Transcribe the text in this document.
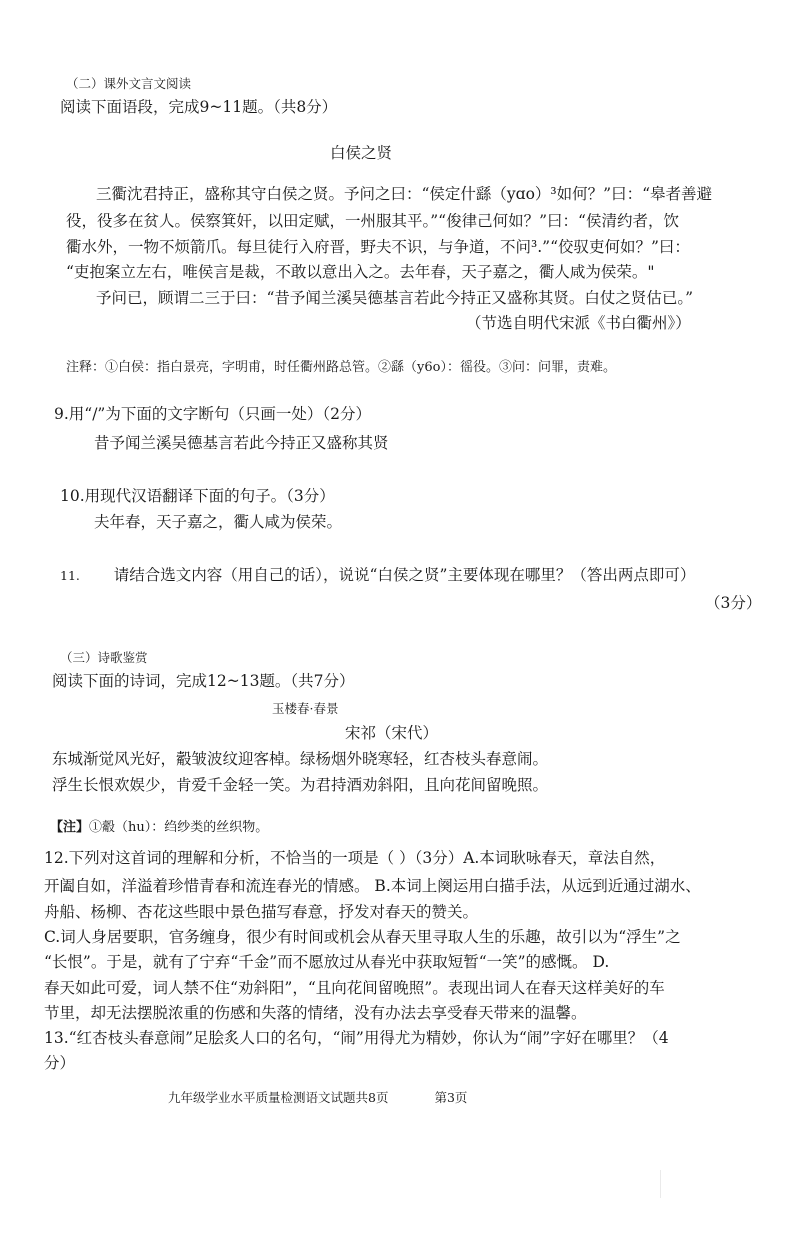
（二）课外文言文阅读
阅读下面语段，完成9~11题。（共8分）
白侯之贤
三衢沈君持正，盛称其守白侯之贤。予问之曰：“侯定什繇（yɑo）³如何？”曰：“皋者善避
役，役多在贫人。侯察箕奸，以田定赋，一州服其平。”“俊律己何如？”曰：“侯清约者，饮
衢水外，一物不烦箭爪。每旦徒行入府晋，野夫不识，与争道，不问³.”“佼驭吏何如？”曰：
“吏抱案立左右，唯侯言是裁，不敢以意出入之。去年春，天子嘉之，衢人咸为侯荣。"
予问已，顾谓二三于曰：“昔予闻兰溪吴德基言若此今持正又盛称其贤。白仗之贤估已。”
（节选自明代宋派《书白衢州》）
注释：①白侯：指白景亮，字明甫，时任衢州路总管。②繇（y6o）：徭役。③问：问罪，责难。
9.用“/”为下面的文字断句（只画一处）（2分）
昔予闻兰溪吴德基言若此今持正又盛称其贤
10.用现代汉语翻译下面的句子。（3分）
夫年春，天子嘉之，衢人咸为侯荣。
11. 请结合选文内容（用自己的话），说说“白侯之贤”主要体现在哪里？（答出两点即可）
（3分）
（三）诗歌鉴赏
阅读下面的诗词，完成12~13题。（共7分）
玉楼春·春景
宋祁（宋代）
东城渐觉风光好，觳皱波纹迎客棹。绿杨烟外晓寒轻，红杏枝头春意闹。
浮生长恨欢娱少，肯爱千金轻一笑。为君持酒劝斜阳，且向花间留晚照。
【注】①觳（hu）：绉纱类的丝织物。
12.下列对这首词的理解和分析，不恰当的一项是（ ）（3分）A.本词耿咏春天，章法自然，
开阖自如，洋溢着珍惜青春和流连春光的情感。 B.本词上阕运用白描手法，从远到近通过湖水、
舟船、杨柳、杏花这些眼中景色描写春意，抒发对春天的赞关。
C.词人身居要职，官务缠身，很少有时间或机会从春天里寻取人生的乐趣，故引以为“浮生”之
“长恨”。于是，就有了宁弃“千金”而不愿放过从春光中获取短暂“一笑”的感慨。 D.
春天如此可爱，词人禁不住“劝斜阳”，“且向花间留晚照”。表现出词人在春天这样美好的车
节里，却无法摆脱浓重的伤感和失落的情绪，没有办法去享受春天带来的温馨。
13.“红杏枝头春意闹”足脍炙人口的名句，“闹”用得尤为精妙，你认为“闹”字好在哪里？（4
分）
九年级学业水平质量检测语文试题共8页	第3页
